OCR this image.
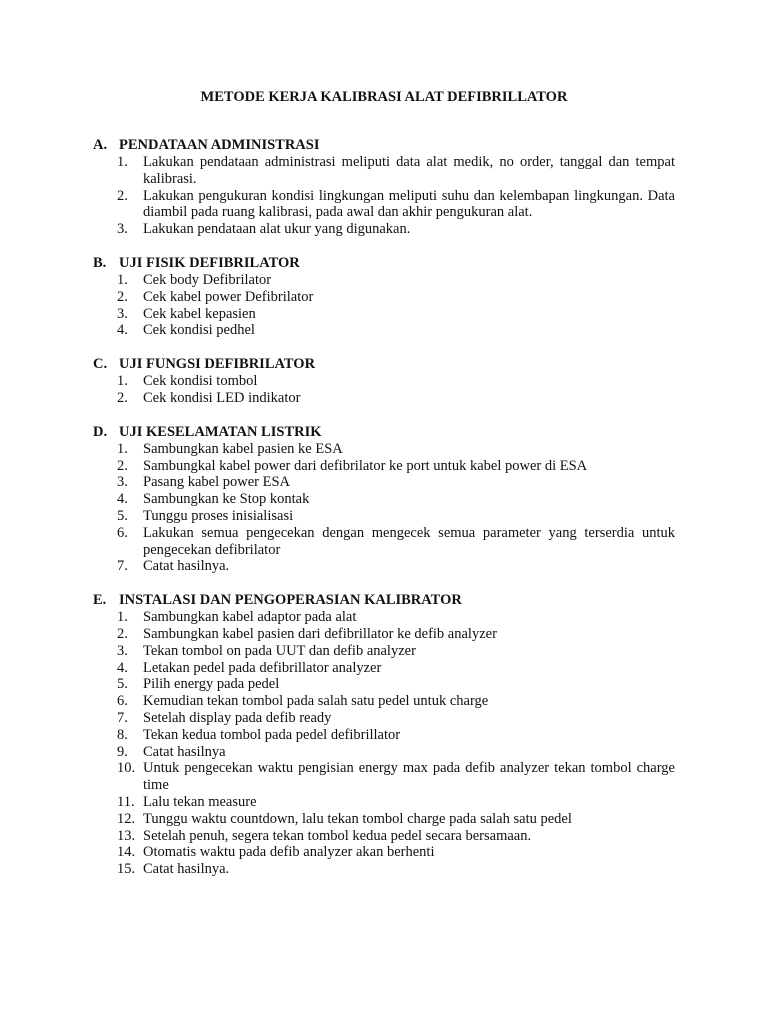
METODE KERJA KALIBRASI ALAT DEFIBRILLATOR
A. PENDATAAN ADMINISTRASI
1.	Lakukan pendataan administrasi meliputi data alat medik, no order, tanggal dan tempat kalibrasi.
2.	Lakukan pengukuran kondisi lingkungan meliputi suhu dan kelembapan lingkungan. Data diambil pada ruang kalibrasi, pada awal dan akhir pengukuran alat.
3.	Lakukan pendataan alat ukur yang digunakan.
B. UJI FISIK DEFIBRILATOR
1.	Cek body Defibrilator
2.	Cek kabel power Defibrilator
3.	Cek kabel kepasien
4.	Cek kondisi pedhel
C. UJI FUNGSI DEFIBRILATOR
1.	Cek kondisi tombol
2.	Cek kondisi LED indikator
D. UJI KESELAMATAN LISTRIK
1.	Sambungkan kabel pasien ke ESA
2.	Sambungkal kabel power dari defibrilator ke port untuk kabel power di ESA
3.	Pasang kabel power ESA
4.	Sambungkan ke Stop kontak
5.	Tunggu proses inisialisasi
6.	Lakukan semua pengecekan dengan mengecek semua parameter yang terserdia untuk pengecekan defibrilator
7.	Catat hasilnya.
E. INSTALASI DAN PENGOPERASIAN KALIBRATOR
1.	Sambungkan kabel adaptor pada alat
2.	Sambungkan kabel pasien dari defibrillator ke defib analyzer
3.	Tekan tombol on pada UUT dan defib analyzer
4.	Letakan pedel pada defibrillator analyzer
5.	Pilih energy pada pedel
6.	Kemudian tekan tombol pada salah satu pedel untuk charge
7.	Setelah display pada defib ready
8.	Tekan kedua tombol pada pedel defibrillator
9.	Catat hasilnya
10. Untuk pengecekan waktu pengisian energy max pada defib analyzer tekan tombol charge time
11. Lalu tekan measure
12. Tunggu waktu countdown, lalu tekan tombol charge pada salah satu pedel
13. Setelah penuh, segera tekan tombol kedua pedel secara bersamaan.
14. Otomatis waktu pada defib analyzer akan berhenti
15. Catat hasilnya.
